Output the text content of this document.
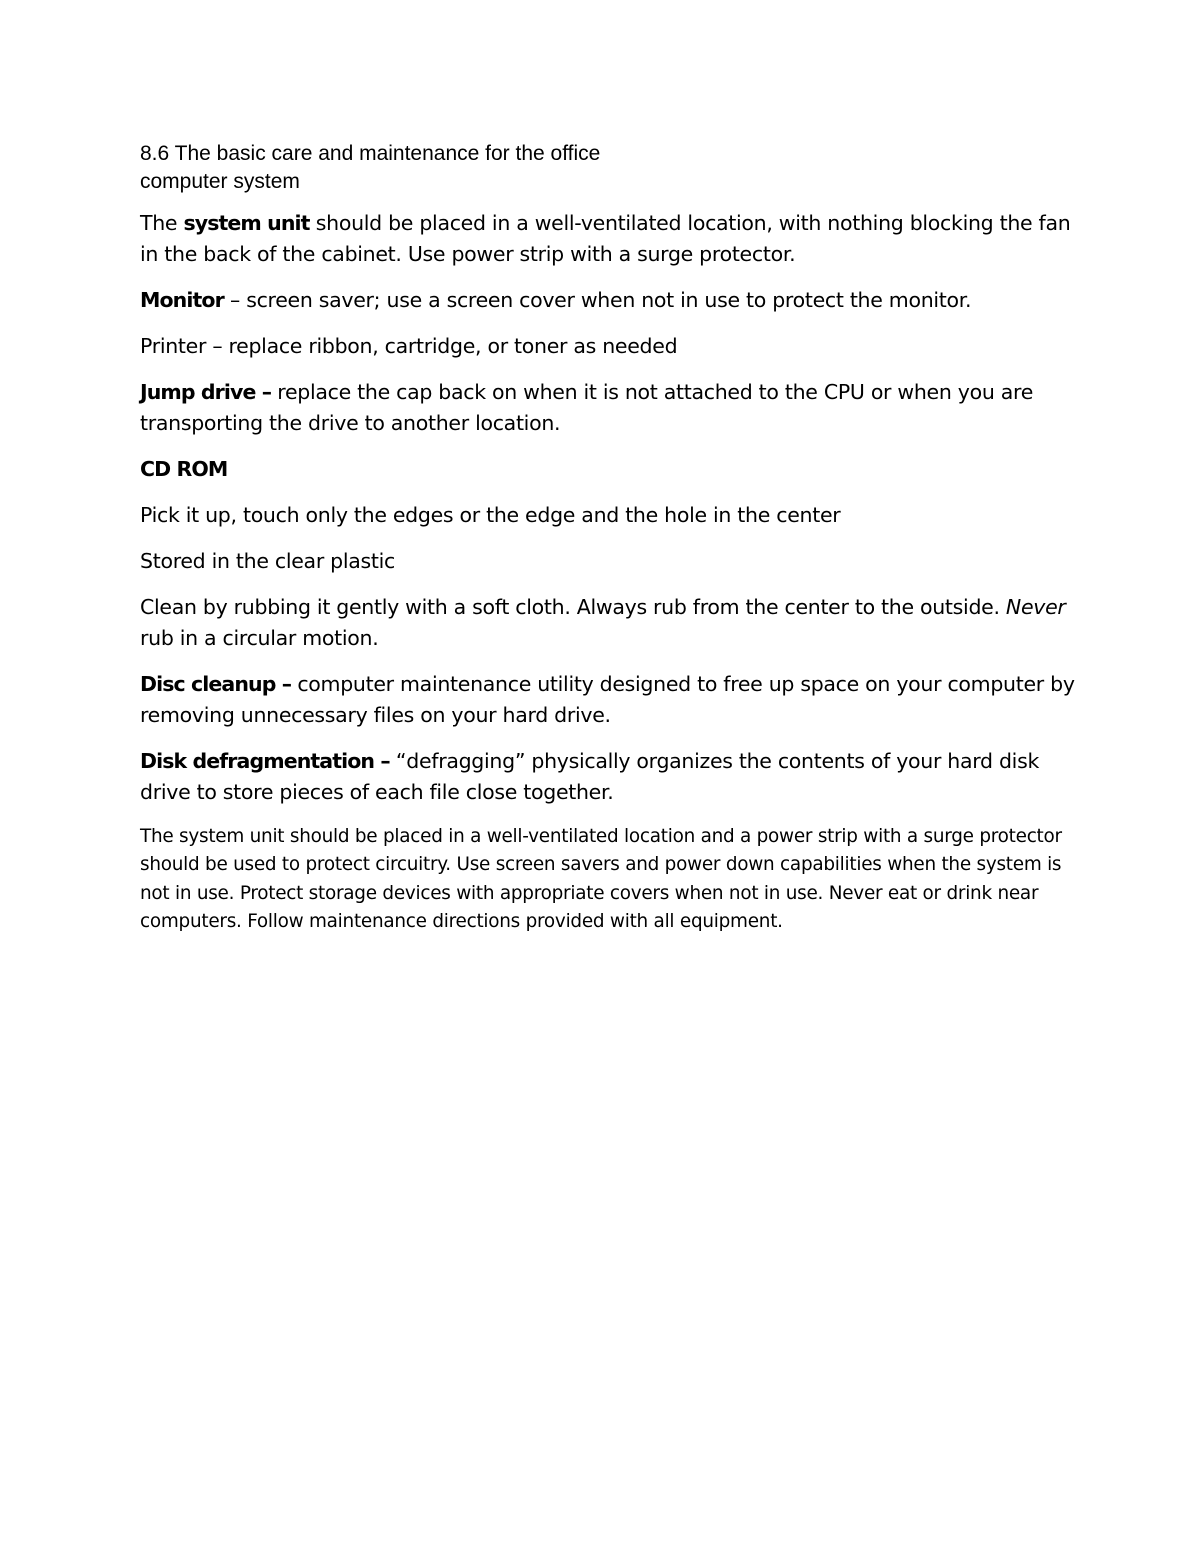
8.6 The basic care and maintenance for the office
computer system

The system unit should be placed in a well-ventilated location, with nothing blocking the fan in the back of the cabinet. Use power strip with a surge protector.

Monitor – screen saver; use a screen cover when not in use to protect the monitor.

Printer – replace ribbon, cartridge, or toner as needed

Jump drive – replace the cap back on when it is not attached to the CPU or when you are transporting the drive to another location.

CD ROM

Pick it up, touch only the edges or the edge and the hole in the center

Stored in the clear plastic

Clean by rubbing it gently with a soft cloth. Always rub from the center to the outside. Never rub in a circular motion.

Disc cleanup – computer maintenance utility designed to free up space on your computer by removing unnecessary files on your hard drive.

Disk defragmentation – “defragging” physically organizes the contents of your hard disk drive to store pieces of each file close together.

The system unit should be placed in a well-ventilated location and a power strip with a surge protector should be used to protect circuitry. Use screen savers and power down capabilities when the system is not in use. Protect storage devices with appropriate covers when not in use. Never eat or drink near computers. Follow maintenance directions provided with all equipment.
